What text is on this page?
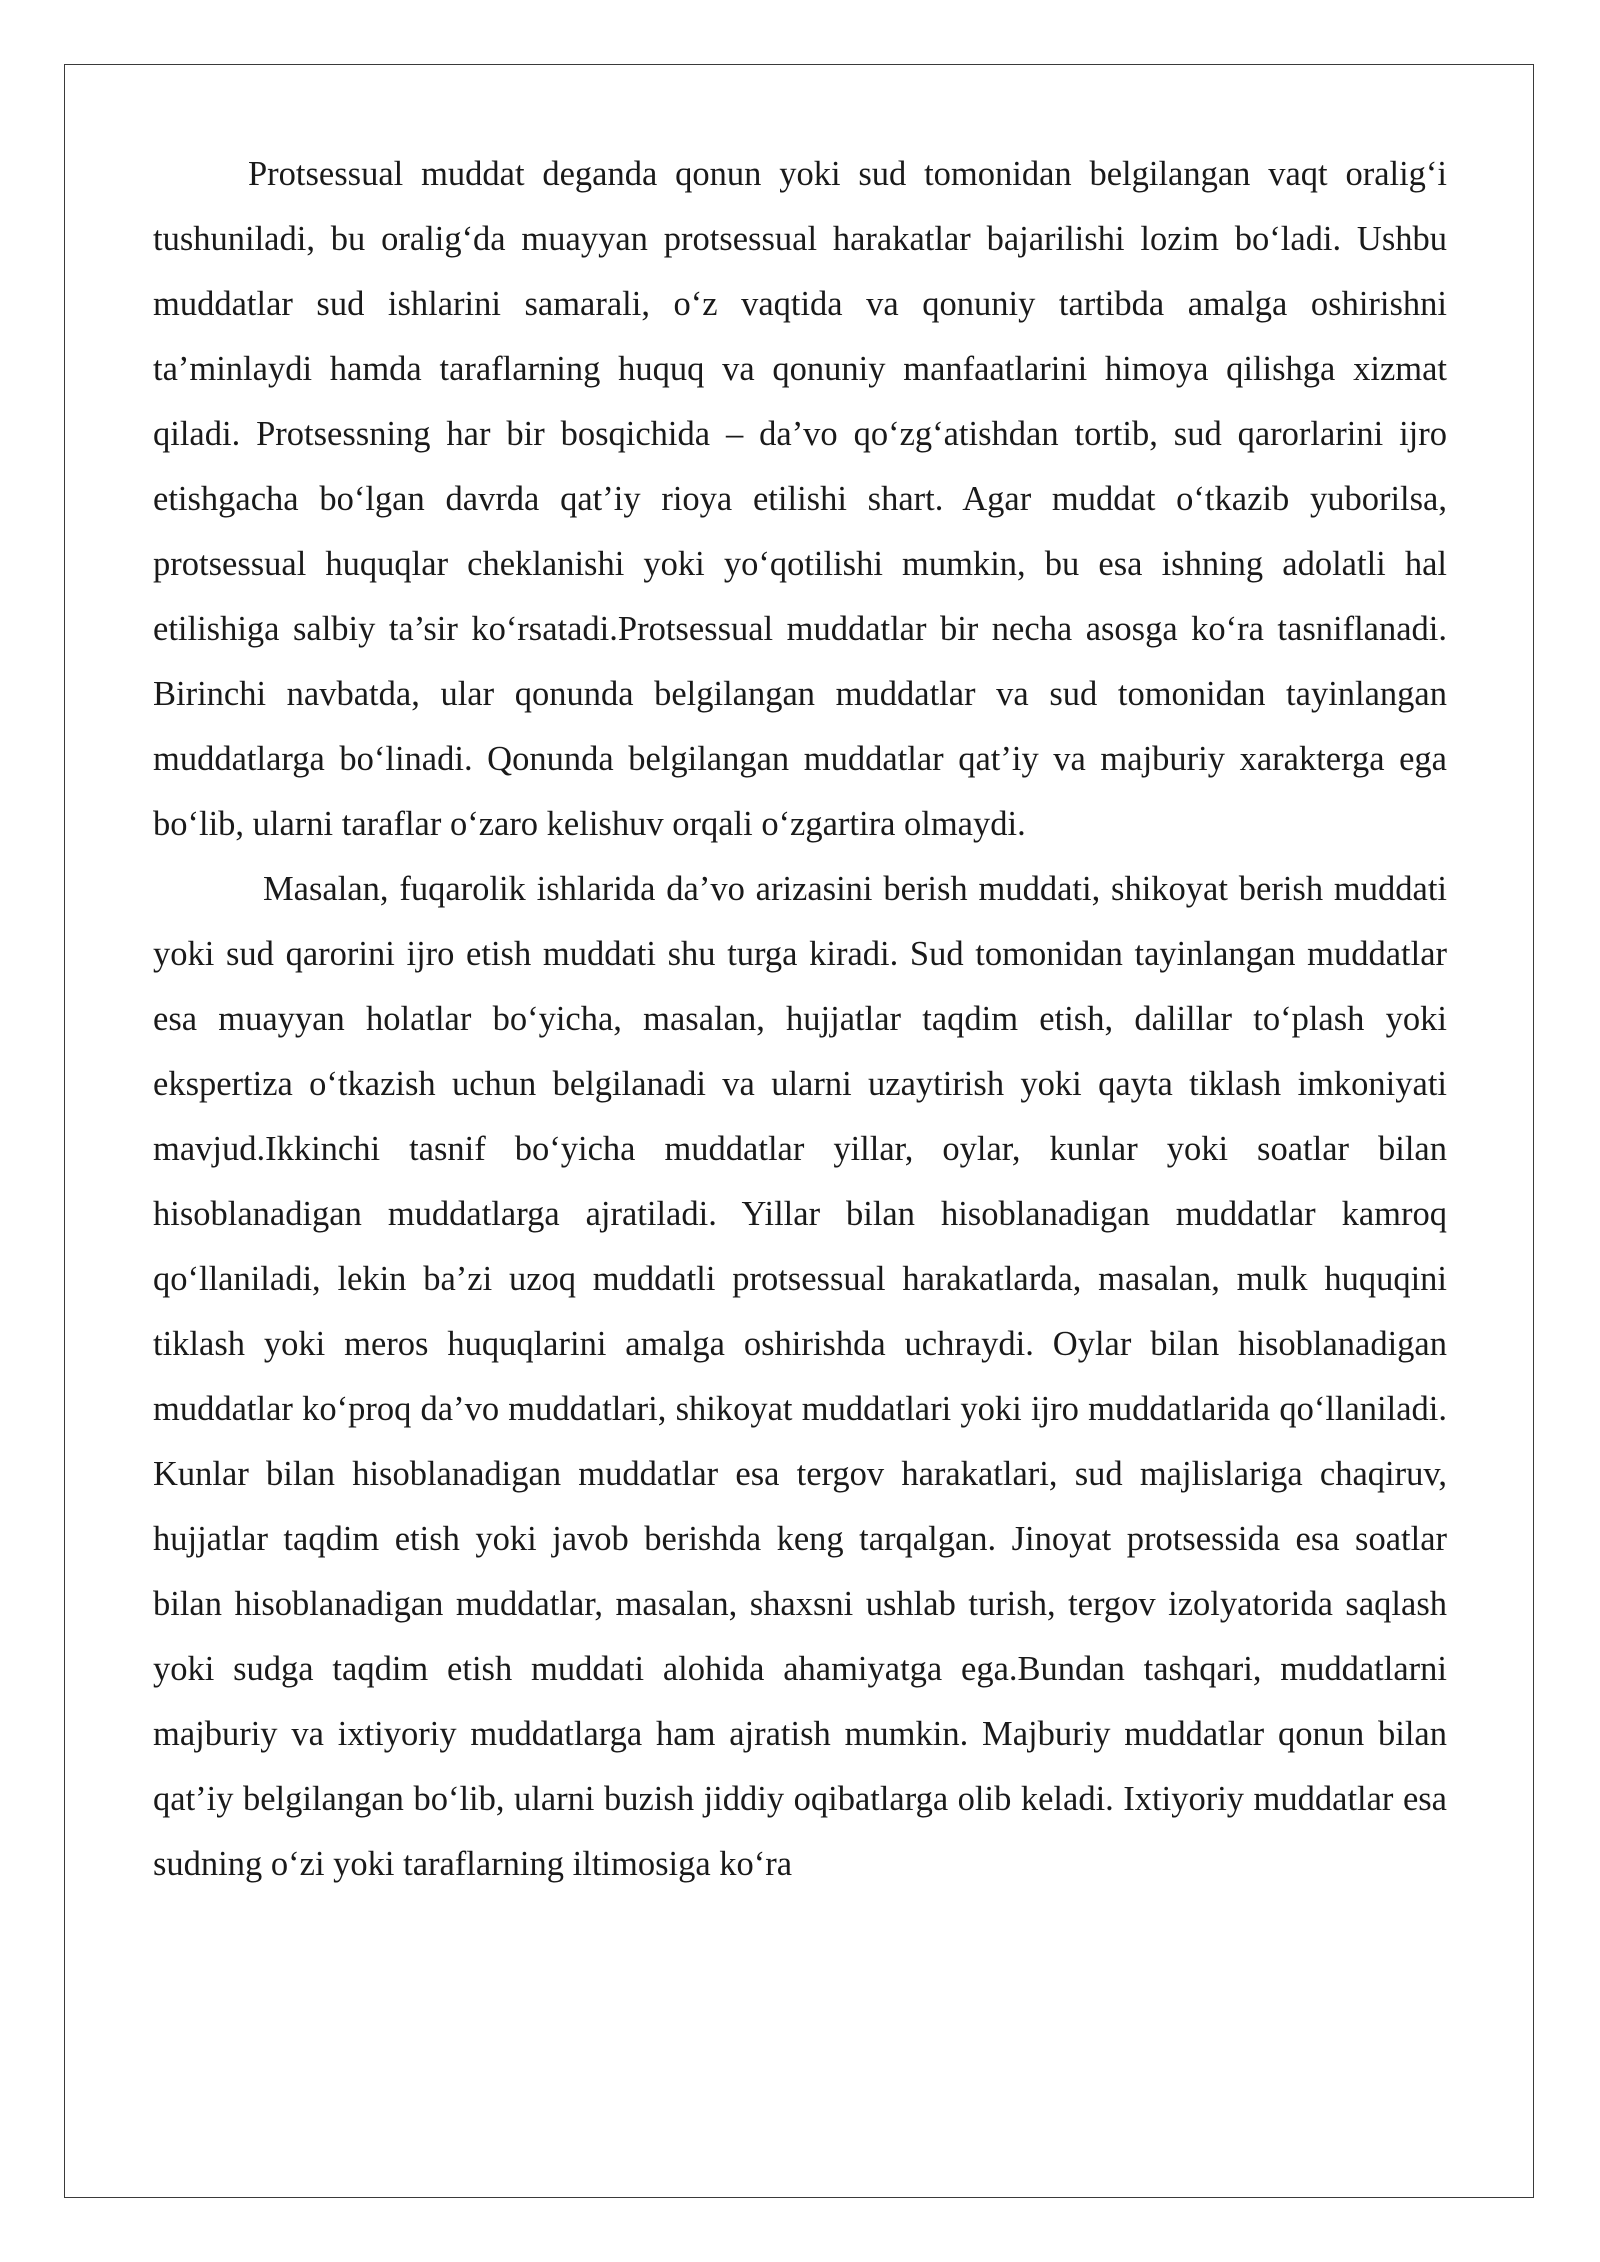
Protsessual muddat deganda qonun yoki sud tomonidan belgilangan vaqt oralig‘i tushuniladi, bu oralig‘da muayyan protsessual harakatlar bajarilishi lozim bo‘ladi. Ushbu muddatlar sud ishlarini samarali, o‘z vaqtida va qonuniy tartibda amalga oshirishni ta’minlaydi hamda taraflarning huquq va qonuniy manfaatlarini himoya qilishga xizmat qiladi. Protsessning har bir bosqichida – da’vo qo‘zg‘atishdan tortib, sud qarorlarini ijro etishgacha bo‘lgan davrda qat’iy rioya etilishi shart. Agar muddat o‘tkazib yuborilsa, protsessual huquqlar cheklanishi yoki yo‘qotilishi mumkin, bu esa ishning adolatli hal etilishiga salbiy ta’sir ko‘rsatadi.Protsessual muddatlar bir necha asosga ko‘ra tasniflanadi. Birinchi navbatda, ular qonunda belgilangan muddatlar va sud tomonidan tayinlangan muddatlarga bo‘linadi. Qonunda belgilangan muddatlar qat’iy va majburiy xarakterga ega bo‘lib, ularni taraflar o‘zaro kelishuv orqali o‘zgartira olmaydi.

Masalan, fuqarolik ishlarida da’vo arizasini berish muddati, shikoyat berish muddati yoki sud qarorini ijro etish muddati shu turga kiradi. Sud tomonidan tayinlangan muddatlar esa muayyan holatlar bo‘yicha, masalan, hujjatlar taqdim etish, dalillar to‘plash yoki ekspertiza o‘tkazish uchun belgilanadi va ularni uzaytirish yoki qayta tiklash imkoniyati mavjud.Ikkinchi tasnif bo‘yicha muddatlar yillar, oylar, kunlar yoki soatlar bilan hisoblanadigan muddatlarga ajratiladi. Yillar bilan hisoblanadigan muddatlar kamroq qo‘llaniladi, lekin ba’zi uzoq muddatli protsessual harakatlarda, masalan, mulk huquqini tiklash yoki meros huquqlarini amalga oshirishda uchraydi. Oylar bilan hisoblanadigan muddatlar ko‘proq da’vo muddatlari, shikoyat muddatlari yoki ijro muddatlarida qo‘llaniladi. Kunlar bilan hisoblanadigan muddatlar esa tergov harakatlari, sud majlislariga chaqiruv, hujjatlar taqdim etish yoki javob berishda keng tarqalgan. Jinoyat protsessida esa soatlar bilan hisoblanadigan muddatlar, masalan, shaxsni ushlab turish, tergov izolyatorida saqlash yoki sudga taqdim etish muddati alohida ahamiyatga ega.Bundan tashqari, muddatlarni majburiy va ixtiyoriy muddatlarga ham ajratish mumkin. Majburiy muddatlar qonun bilan qat’iy belgilangan bo‘lib, ularni buzish jiddiy oqibatlarga olib keladi. Ixtiyoriy muddatlar esa sudning o‘zi yoki taraflarning iltimosiga ko‘ra
